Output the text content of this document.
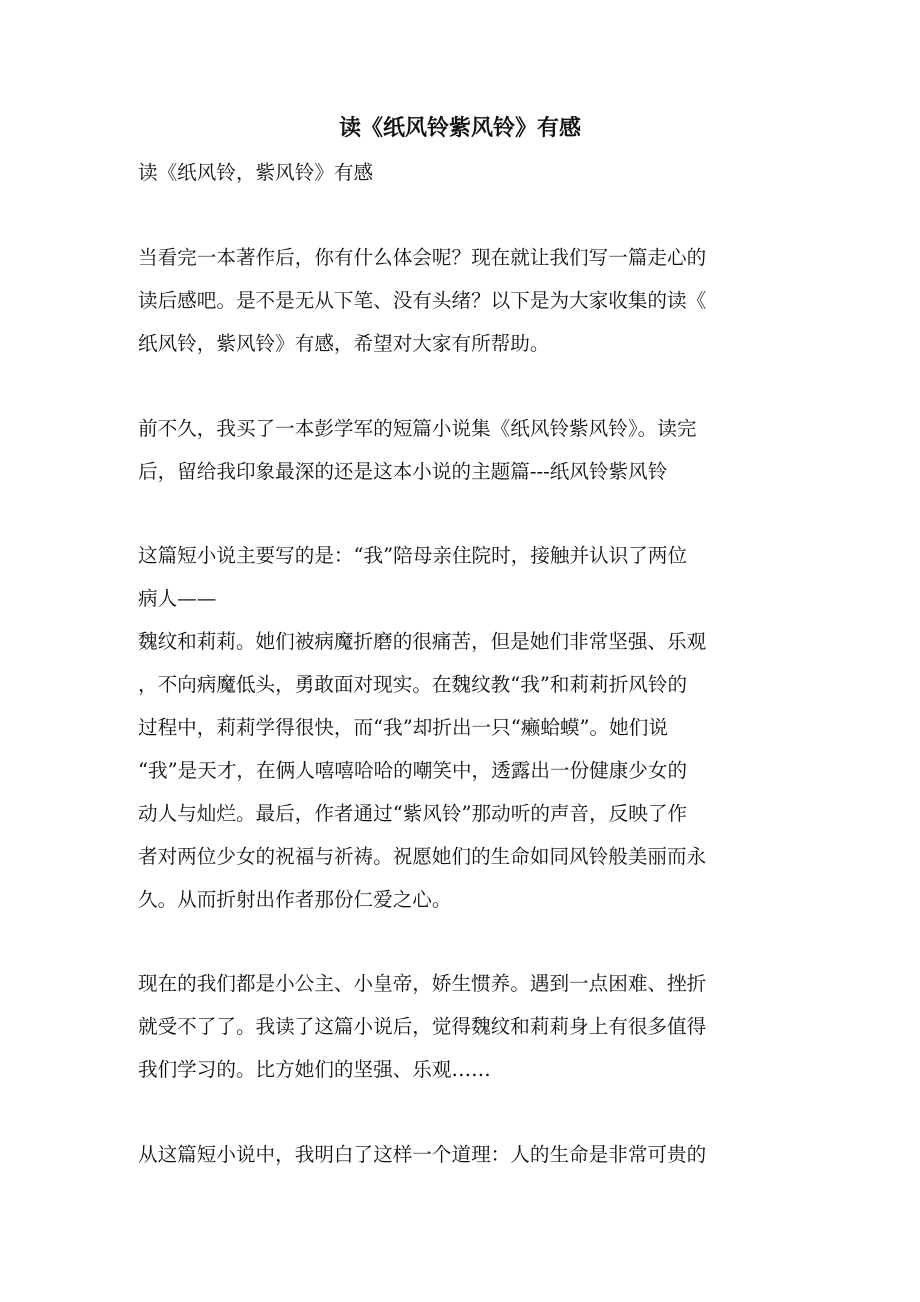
读《纸风铃紫风铃》有感
读《纸风铃，紫风铃》有感
当看完一本著作后，你有什么体会呢？现在就让我们写一篇走心的
读后感吧。是不是无从下笔、没有头绪？以下是为大家收集的读《
纸风铃，紫风铃》有感，希望对大家有所帮助。
前不久，我买了一本彭学军的短篇小说集《纸风铃紫风铃》。读完
后，留给我印象最深的还是这本小说的主题篇---纸风铃紫风铃
这篇短小说主要写的是：“我”陪母亲住院时，接触并认识了两位
病人——
魏纹和莉莉。她们被病魔折磨的很痛苦，但是她们非常坚强、乐观
，不向病魔低头，勇敢面对现实。在魏纹教“我”和莉莉折风铃的
过程中，莉莉学得很快，而“我”却折出一只“癞蛤蟆”。她们说
“我”是天才，在俩人嘻嘻哈哈的嘲笑中，透露出一份健康少女的
动人与灿烂。最后，作者通过“紫风铃”那动听的声音，反映了作
者对两位少女的祝福与祈祷。祝愿她们的生命如同风铃般美丽而永
久。从而折射出作者那份仁爱之心。
现在的我们都是小公主、小皇帝，娇生惯养。遇到一点困难、挫折
就受不了了。我读了这篇小说后，觉得魏纹和莉莉身上有很多值得
我们学习的。比方她们的坚强、乐观……
从这篇短小说中，我明白了这样一个道理：人的生命是非常可贵的
